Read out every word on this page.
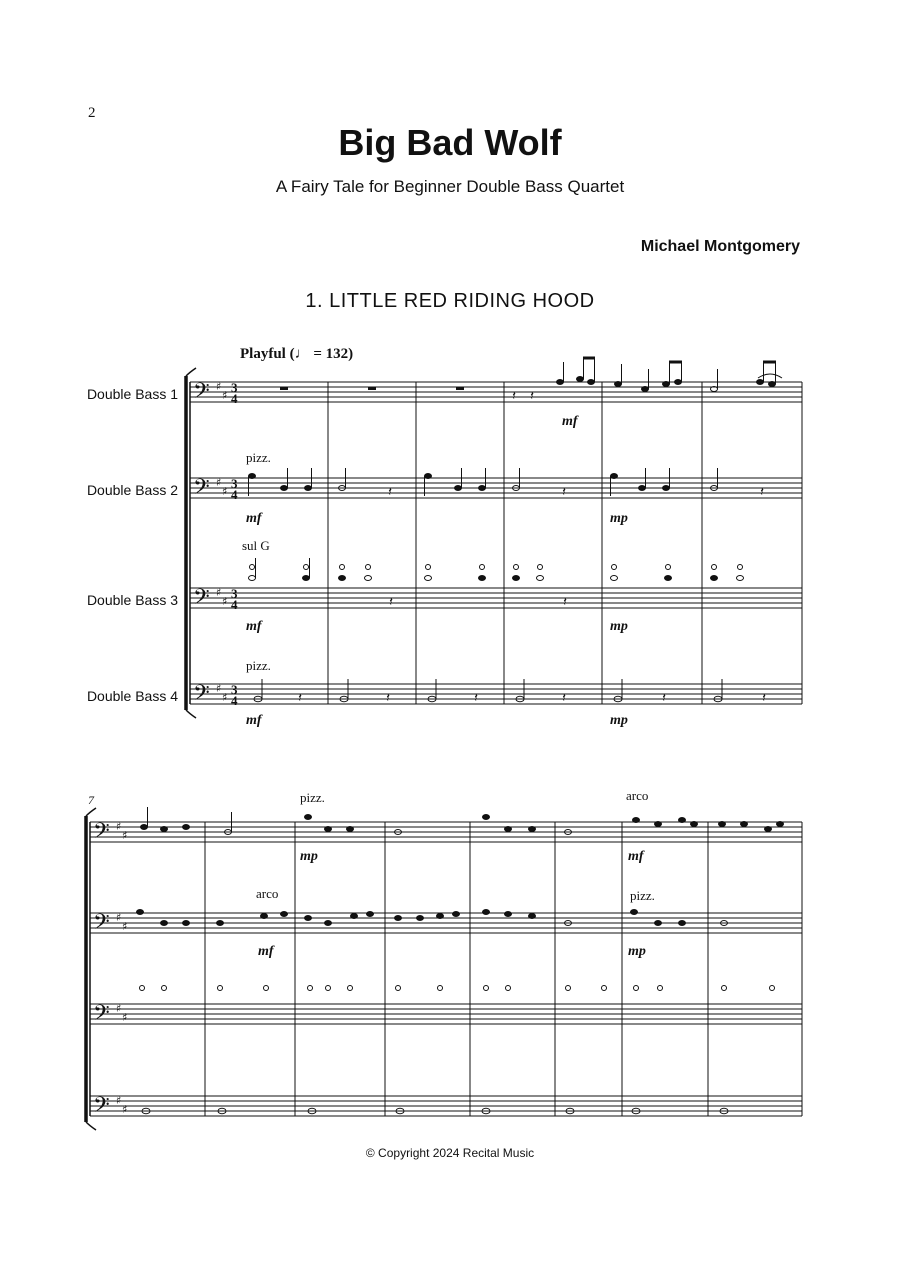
2
Big Bad Wolf
A Fairy Tale for Beginner Double Bass Quartet
Michael Montgomery
1. LITTLE RED RIDING HOOD
Playful (♩ = 132)
Double Bass 1
Double Bass 2
Double Bass 3
Double Bass 4
𝄢
𝄢
𝄢
𝄢
𝄢
𝄢
𝄢
𝄢
♯
♯
♯
♯
♯
♯
♯
♯
♯
♯
♯
♯
♯
♯
♯
♯
3
4
3
4
3
4
3
4
𝄽 𝄽
𝄽	𝄽	𝄽
𝄽	𝄽
𝄽	𝄽	𝄽	𝄽	𝄽	𝄽
pizz.
pizz.
pizz.
pizz.
arco
arco
sul G
7
mf
mf	mp
mf	mp
mf	mp
mp	mf
mf	mp
© Copyright 2024 Recital Music
